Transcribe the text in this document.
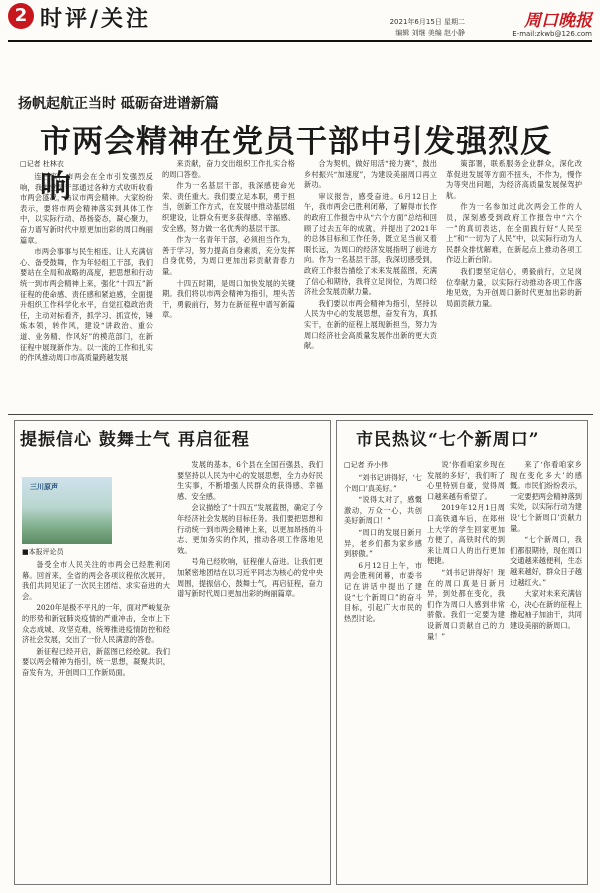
2 时评/关注	2021年6月15日 星期二
编辑 刘继 美编 赵小静
周口晚报
E-mail:zkwb@126.com
扬帆起航正当时 砥砺奋进谱新篇
市两会精神在党员干部中引发强烈反响
□记者 杜林衣

连日来，市两会在全市引发强烈反响，我市党员干部通过各种方式收听收看市两会盛况，热议市两会精神。大家纷纷表示，要将市两会精神落实到具体工作中，以实际行动、昂扬姿态，凝心聚力，奋力谱写新时代中原更加出彩的周口绚丽篇章。

市两会事事与民生相连。让人充满信心、备受鼓舞，作为年轻组工干部，我们要站在全局和战略的高度，把思想和行动统一到市两会精神上来，强化“十四五”新征程的使命感、责任感和紧迫感，全面提升组织工作科学化水平，自觉扛稳政治责任，主动对标看齐，抓学习、抓宣传，锤炼本领，转作风，建设“讲政治、重公道、业务精、作风好”的模范部门，在新征程中展现新作为。以一流的工作和扎实的作风推动周口市高质量跨越发展

来贡献，奋力交出组织工作扎实合格的周口答卷。

作为一名基层干部，我深感使命光荣、责任重大。我们要立足本职，勇于担当，创新工作方式，在发展中推动基层组织建设，让群众有更多获得感、幸福感、安全感，努力做一名优秀的基层干部。

作为一名青年干部，必须担当作为，善于学习，努力提高自身素质，充分发挥自身优势，为周口更加出彩贡献青春力量。

十四五时期，是周口加快发展的关键期。我们将以市两会精神为指引，埋头苦干，勇毅前行，努力在新征程中谱写新篇章。

合为契机，做好用活“接力赛”，鼓出乡村振兴“加速度”，为建设美丽周口再立新功。

审议报告，感受奋进。6月12日上午，我市两会已胜利闭幕，了解得市长作的政府工作报告中从“六个方面”总结和回顾了过去五年的成就，并提出了2021年的总体目标和工作任务，既立足当前又着眼长远，为周口的经济发展指明了前进方向。作为一名基层干部，我深切感受到，政府工作报告描绘了未来发展蓝图，充满了信心和期待，我将立足岗位，为周口经济社会发展贡献力量。

我们要以市两会精神为指引，坚持以人民为中心的发展思想，奋发有为，真抓实干，在新的征程上展现新担当，努力为周口经济社会高质量发展作出新的更大贡献。

策部署，联系服务企业群众，深化改革促进发展等方面不扭头，不作为，慢作为等突出问题，为经济高质量发展保驾护航。

作为一名参加过此次两会工作的人员，深刻感受到政府工作报告中“六个一”的真切表达，在全面践行好“人民至上”和“一切为了人民”中，以实际行动为人民群众排忧解难，在新起点上推动各项工作迈上新台阶。

我们要坚定信心，勇毅前行，立足岗位奉献力量，以实际行动推动各项工作落地见效，为开创周口新时代更加出彩的新局面贡献力量。

提振信心 鼓舞士气 再启征程
三川原声
■本报评论员

备受全市人民关注的市两会已经胜利闭幕。回首来，全省的两会各项议程依次展开，我们共同见证了一次民主团结、求实奋进的大会。

2020年是极不平凡的一年，面对严峻复杂的形势和新冠肺炎疫情的严重冲击，全市上下众志成城、攻坚克难，统筹推进疫情防控和经济社会发展，交出了一份人民满意的答卷。

新征程已经开启，新蓝图已经绘就。我们要以两会精神为指引，统一思想，凝聚共识，奋发有为，开创周口工作新局面。

发展的基本，6个县在全国百强县，我们要坚持以人民为中心的发展思想，全力办好民生实事，不断增强人民群众的获得感、幸福感、安全感。

会议描绘了“十四五”发展蓝图，确定了今年经济社会发展的目标任务。我们要把思想和行动统一到市两会精神上来，以更加昂扬的斗志、更加务实的作风，推动各项工作落地见效。

号角已经吹响，征程催人奋进。让我们更加紧密地团结在以习近平同志为核心的党中央周围，提振信心，鼓舞士气，再启征程，奋力谱写新时代周口更加出彩的绚丽篇章。

市民热议“七个新周口”
□记者 乔小伟

“刘书记讲得好，‘七个周口’真美好。”

“说得太对了，感慨激动，万众一心，共创美好新周口！”

“周口的发展日新月异，老乡们都为家乡感到骄傲。”

6月12日上午，市两会胜利闭幕，市委书记在讲话中提出了建设“七个新周口”的奋斗目标，引起广大市民的热烈讨论。

说‘你看咱家乡现在发展的多好’，我们听了心里特别自豪，觉得周口越来越有希望了。

2019年12月1日周口高铁通车后，在郑州上大学的学生回家更加方便了，高铁时代的到来让周口人的出行更加便捷。

“刘书记讲得好！现在的周口真是日新月异，到处都在变化，我们作为周口人感到非常骄傲。我们一定要为建设新周口贡献自己的力量！”

来了‘你看咱家乡现在变化多大’的感慨。市民们纷纷表示，一定要把两会精神落到实处，以实际行动为建设‘七个新周口’贡献力量。

“七个新周口，我们都很期待，现在周口交通越来越便利，生态越来越好，群众日子越过越红火。”

大家对未来充满信心，决心在新的征程上撸起袖子加油干，共同建设美丽的新周口。
